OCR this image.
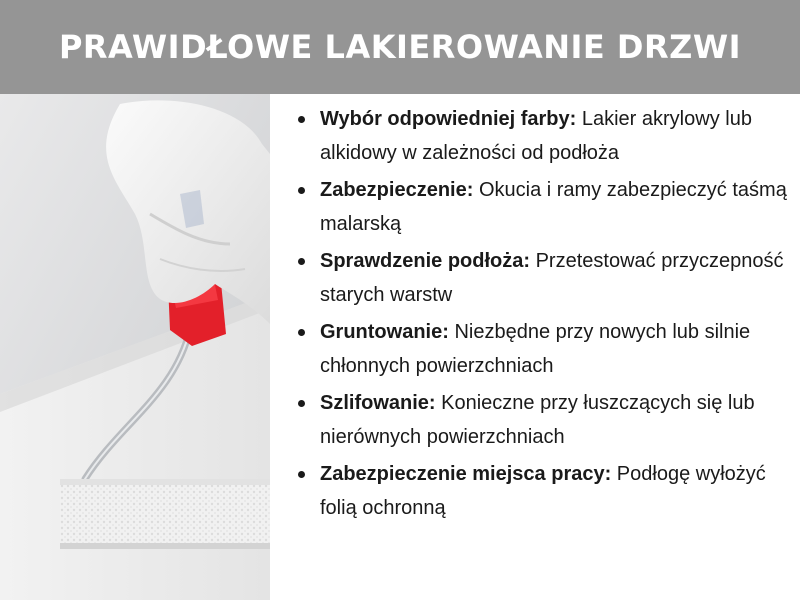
PRAWIDŁOWE LAKIEROWANIE DRZWI
Wybór odpowiedniej farby: Lakier akrylowy lub alkidowy w zależności od podłoża
Zabezpieczenie: Okucia i ramy zabezpieczyć taśmą malarską
Sprawdzenie podłoża: Przetestować przyczepność starych warstw
Gruntowanie: Niezbędne przy nowych lub silnie chłonnych powierzchniach
Szlifowanie: Konieczne przy łuszczących się lub nierównych powierzchniach
Zabezpieczenie miejsca pracy: Podłogę wyłożyć folią ochronną
